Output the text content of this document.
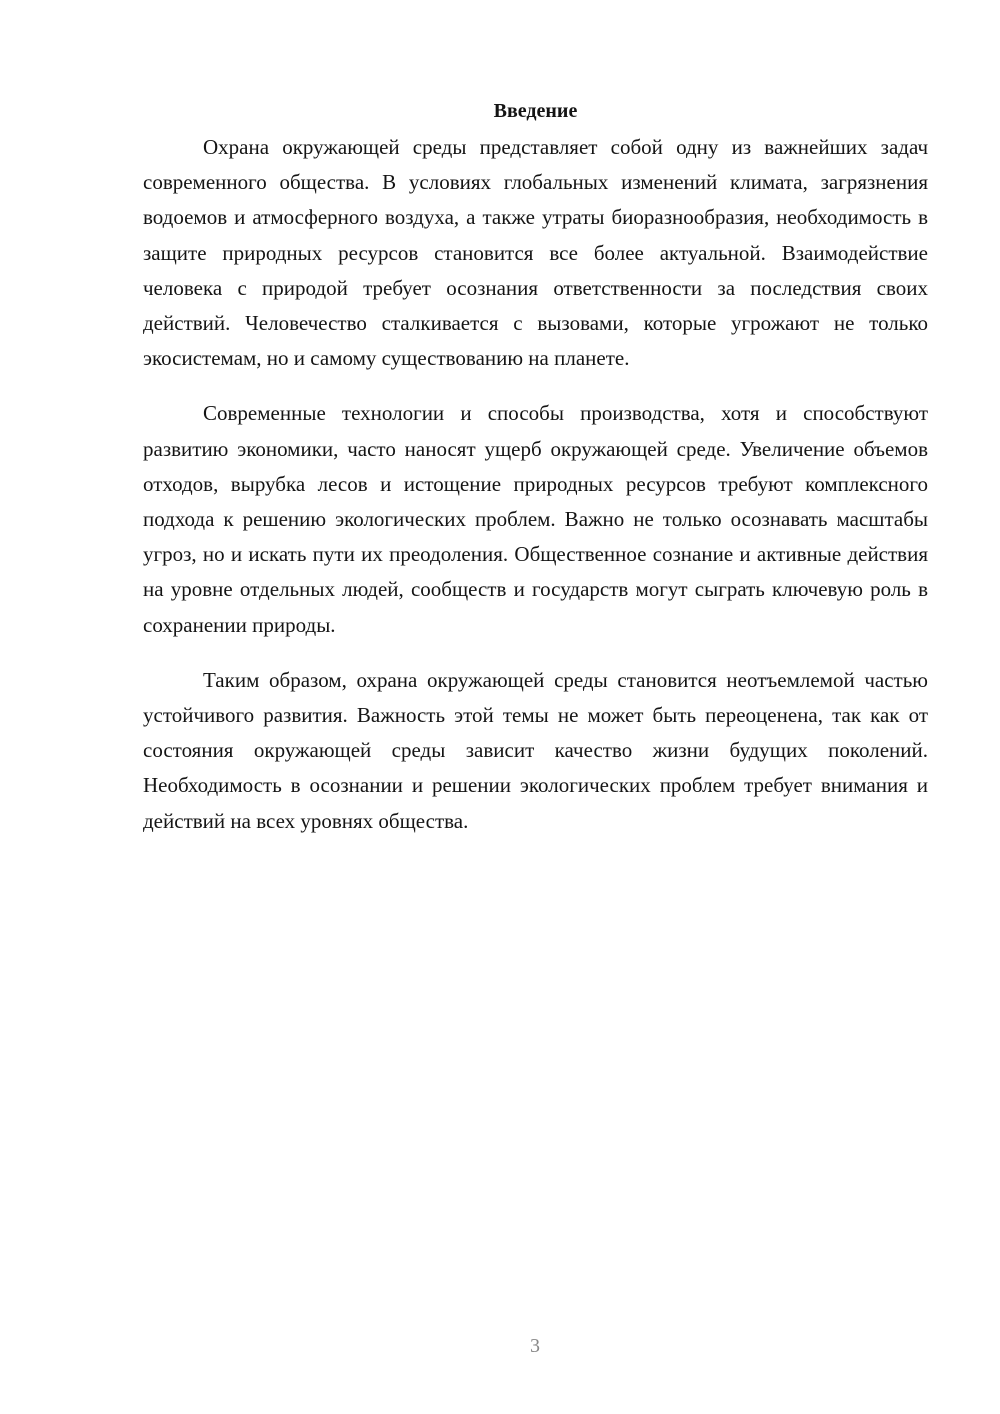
Введение

Охрана окружающей среды представляет собой одну из важнейших задач современного общества. В условиях глобальных изменений климата, загрязнения водоемов и атмосферного воздуха, а также утраты биоразнообразия, необходимость в защите природных ресурсов становится все более актуальной. Взаимодействие человека с природой требует осознания ответственности за последствия своих действий. Человечество сталкивается с вызовами, которые угрожают не только экосистемам, но и самому существованию на планете.

Современные технологии и способы производства, хотя и способствуют развитию экономики, часто наносят ущерб окружающей среде. Увеличение объемов отходов, вырубка лесов и истощение природных ресурсов требуют комплексного подхода к решению экологических проблем. Важно не только осознавать масштабы угроз, но и искать пути их преодоления. Общественное сознание и активные действия на уровне отдельных людей, сообществ и государств могут сыграть ключевую роль в сохранении природы.

Таким образом, охрана окружающей среды становится неотъемлемой частью устойчивого развития. Важность этой темы не может быть переоценена, так как от состояния окружающей среды зависит качество жизни будущих поколений. Необходимость в осознании и решении экологических проблем требует внимания и действий на всех уровнях общества.

3
